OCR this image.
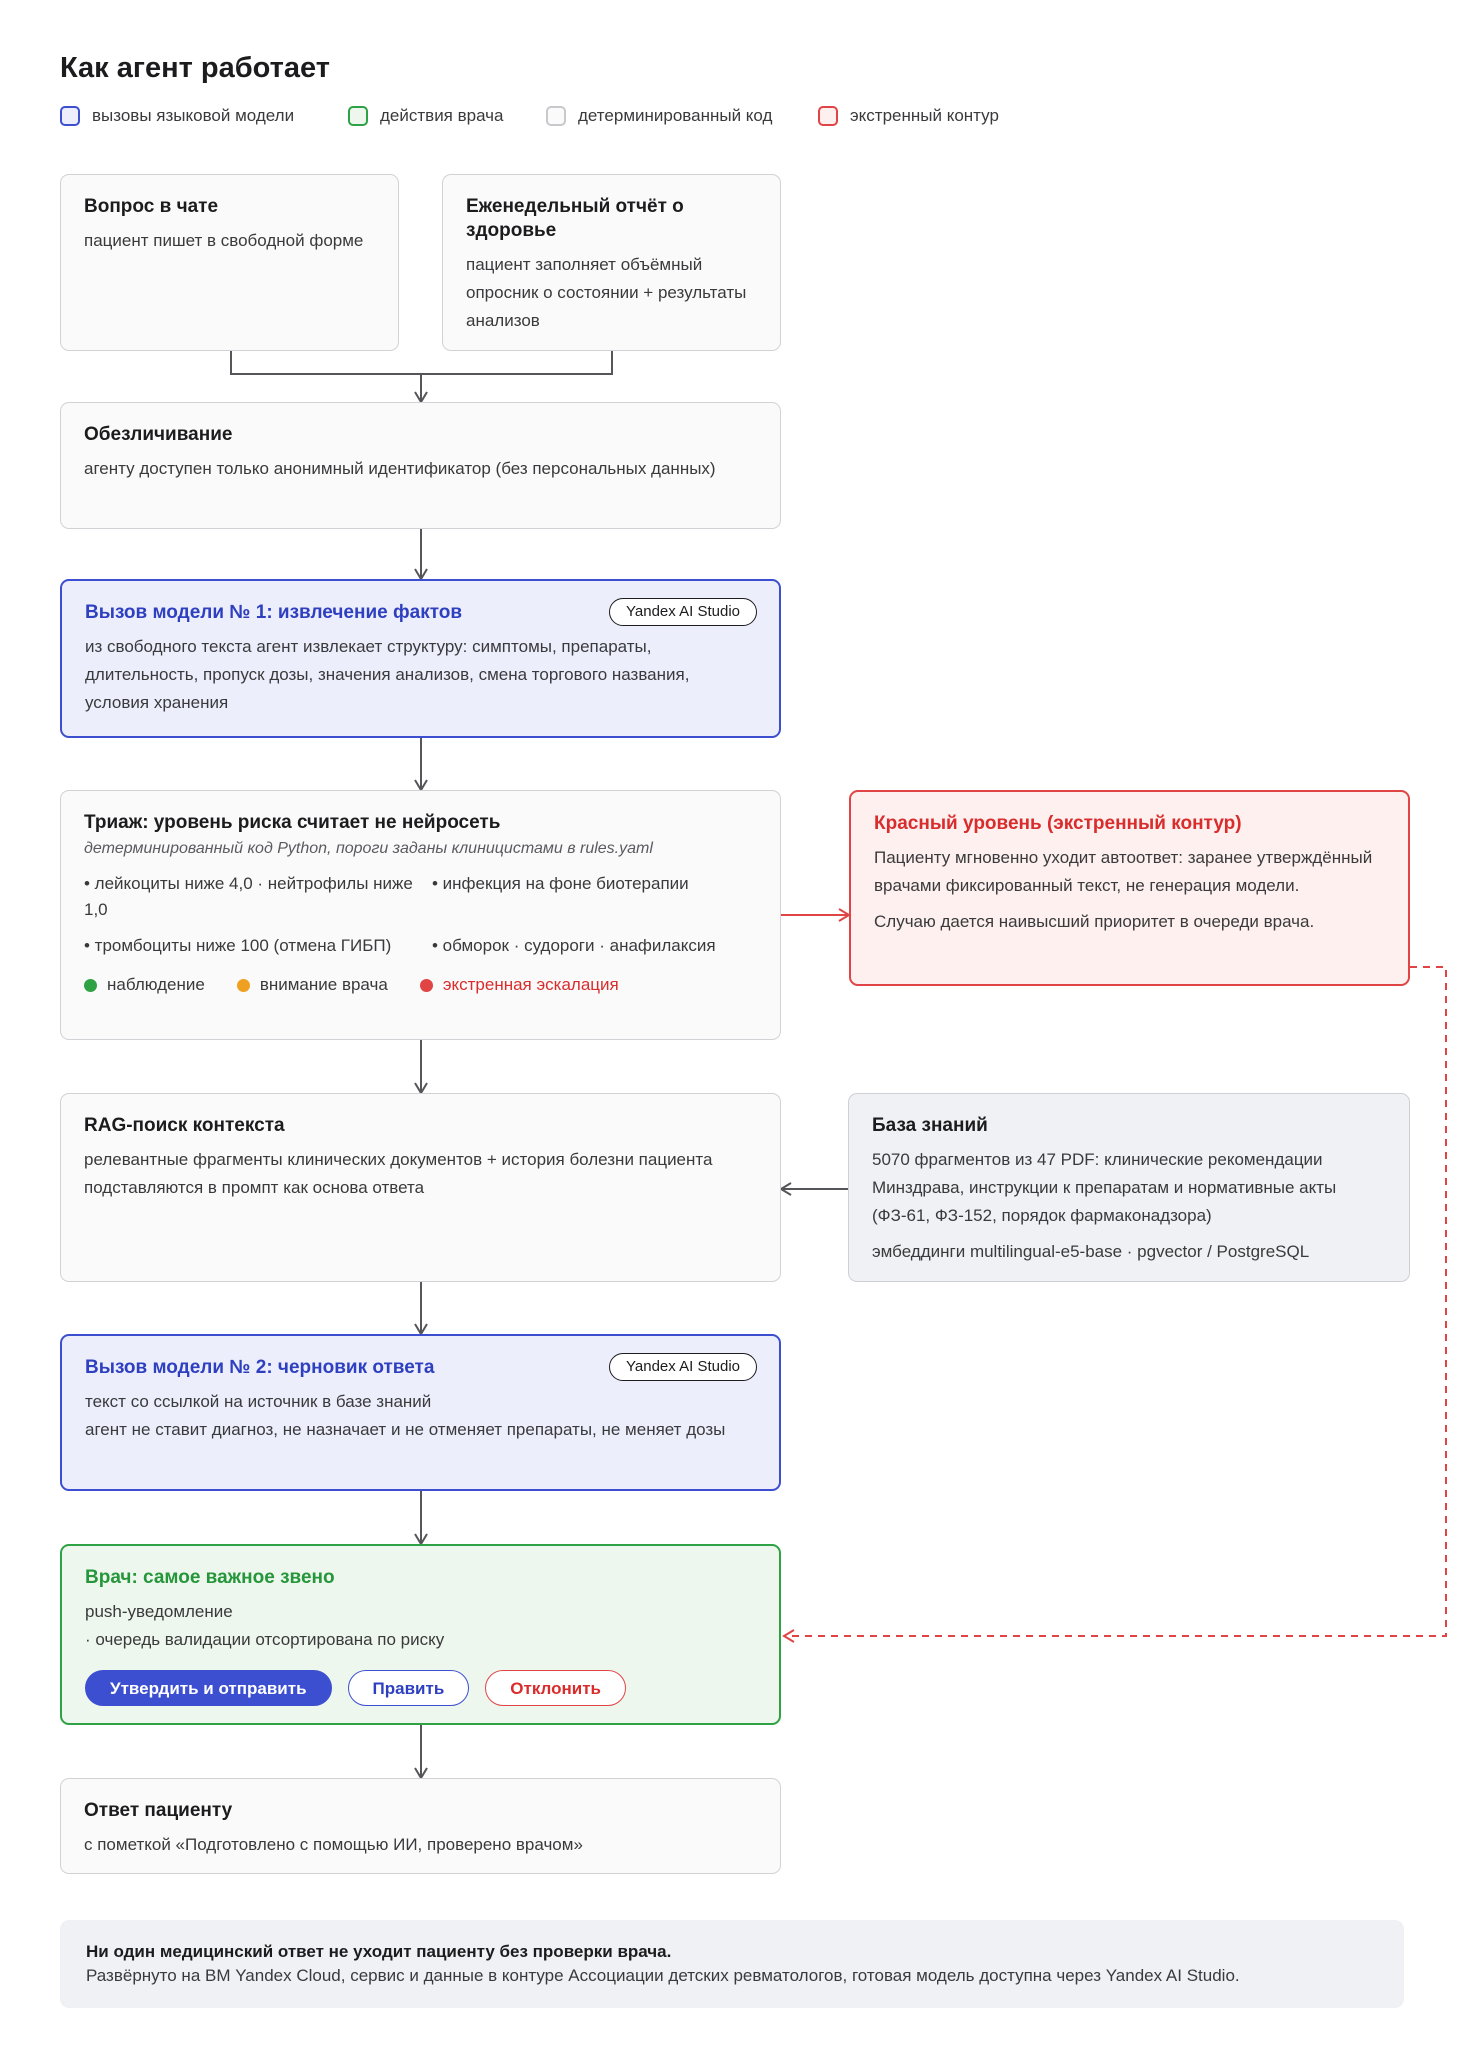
Как агент работает
вызовы языковой модели	действия врача	детерминированный код	экстренный контур
Вопрос в чате
пациент пишет в свободной форме
Еженедельный отчёт о здоровье
пациент заполняет объёмный опросник о состоянии + результаты анализов
Обезличивание
агенту доступен только анонимный идентификатор (без персональных данных)
Yandex AI Studio
Вызов модели № 1: извлечение фактов
из свободного текста агент извлекает структуру: симптомы, препараты, длительность, пропуск дозы, значения анализов, смена торгового названия, условия хранения
Триаж: уровень риска считает не нейросеть
детерминированный код Python, пороги заданы клиницистами в rules.yaml
• лейкоциты ниже 4,0 · нейтрофилы ниже 1,0
• инфекция на фоне биотерапии
• тромбоциты ниже 100 (отмена ГИБП)	• обморок · судороги · анафилаксия
наблюдение	внимание врача	экстренная эскалация
Красный уровень (экстренный контур)
Пациенту мгновенно уходит автоответ: заранее утверждённый врачами фиксированный текст, не генерация модели.
Случаю дается наивысший приоритет в очереди врача.
RAG-поиск контекста
релевантные фрагменты клинических документов + история болезни пациента подставляются в промпт как основа ответа
База знаний
5070 фрагментов из 47 PDF: клинические рекомендации Минздрава, инструкции к препаратам и нормативные акты (ФЗ-61, ФЗ-152, порядок фармаконадзора)
эмбеддинги multilingual-e5-base · pgvector / PostgreSQL
Yandex AI Studio
Вызов модели № 2: черновик ответа
текст со ссылкой на источник в базе знаний
агент не ставит диагноз, не назначает и не отменяет препараты, не меняет дозы
Врач: самое важное звено
push-уведомление
· очередь валидации отсортирована по риску
Утвердить и отправить	Править	Отклонить
Ответ пациенту
с пометкой «Подготовлено с помощью ИИ, проверено врачом»
Ни один медицинский ответ не уходит пациенту без проверки врача.
Развёрнуто на ВМ Yandex Cloud, сервис и данные в контуре Ассоциации детских ревматологов, готовая модель доступна через Yandex AI Studio.
